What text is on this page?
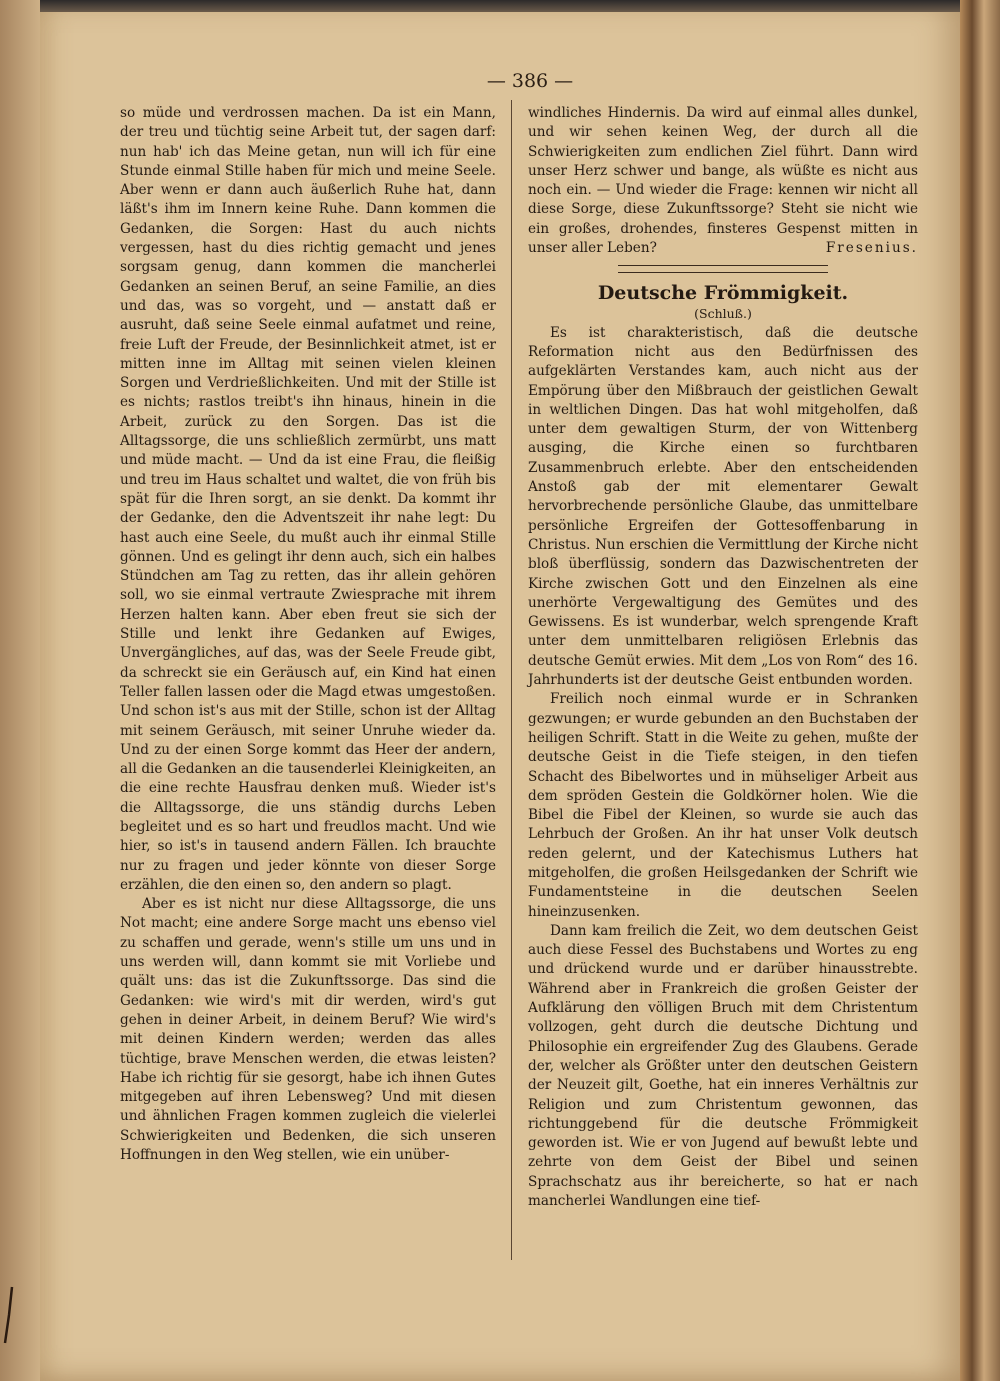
— 386 —

so müde und verdrossen machen. Da ist ein Mann, der treu und tüchtig seine Arbeit tut, der sagen darf: nun hab' ich das Meine getan, nun will ich für eine Stunde einmal Stille haben für mich und meine Seele. Aber wenn er dann auch äußerlich Ruhe hat, dann läßt's ihm im Innern keine Ruhe. Dann kommen die Gedanken, die Sorgen: Hast du auch nichts vergessen, hast du dies richtig gemacht und jenes sorgsam genug, dann kommen die mancherlei Gedanken an seinen Beruf, an seine Familie, an dies und das, was so vorgeht, und — anstatt daß er ausruht, daß seine Seele einmal aufatmet und reine, freie Luft der Freude, der Besinnlichkeit atmet, ist er mitten inne im Alltag mit seinen vielen kleinen Sorgen und Verdrießlichkeiten. Und mit der Stille ist es nichts; rastlos treibt's ihn hinaus, hinein in die Arbeit, zurück zu den Sorgen. Das ist die Alltagssorge, die uns schließlich zermürbt, uns matt und müde macht. — Und da ist eine Frau, die fleißig und treu im Haus schaltet und waltet, die von früh bis spät für die Ihren sorgt, an sie denkt. Da kommt ihr der Gedanke, den die Adventszeit ihr nahe legt: Du hast auch eine Seele, du mußt auch ihr einmal Stille gönnen. Und es gelingt ihr denn auch, sich ein halbes Stündchen am Tag zu retten, das ihr allein gehören soll, wo sie einmal vertraute Zwiesprache mit ihrem Herzen halten kann. Aber eben freut sie sich der Stille und lenkt ihre Gedanken auf Ewiges, Unvergängliches, auf das, was der Seele Freude gibt, da schreckt sie ein Geräusch auf, ein Kind hat einen Teller fallen lassen oder die Magd etwas umgestoßen. Und schon ist's aus mit der Stille, schon ist der Alltag mit seinem Geräusch, mit seiner Unruhe wieder da. Und zu der einen Sorge kommt das Heer der andern, all die Gedanken an die tausenderlei Kleinigkeiten, an die eine rechte Hausfrau denken muß. Wieder ist's die Alltagssorge, die uns ständig durchs Leben begleitet und es so hart und freudlos macht. Und wie hier, so ist's in tausend andern Fällen. Ich brauchte nur zu fragen und jeder könnte von dieser Sorge erzählen, die den einen so, den andern so plagt.

Aber es ist nicht nur diese Alltagssorge, die uns Not macht; eine andere Sorge macht uns ebenso viel zu schaffen und gerade, wenn's stille um uns und in uns werden will, dann kommt sie mit Vorliebe und quält uns: das ist die Zukunftssorge. Das sind die Gedanken: wie wird's mit dir werden, wird's gut gehen in deiner Arbeit, in deinem Beruf? Wie wird's mit deinen Kindern werden; werden das alles tüchtige, brave Menschen werden, die etwas leisten? Habe ich richtig für sie gesorgt, habe ich ihnen Gutes mitgegeben auf ihren Lebensweg? Und mit diesen und ähnlichen Fragen kommen zugleich die vielerlei Schwierigkeiten und Bedenken, die sich unseren Hoffnungen in den Weg stellen, wie ein unüber-

windliches Hindernis. Da wird auf einmal alles dunkel, und wir sehen keinen Weg, der durch all die Schwierigkeiten zum endlichen Ziel führt. Dann wird unser Herz schwer und bange, als wüßte es nicht aus noch ein. — Und wieder die Frage: kennen wir nicht all diese Sorge, diese Zukunftssorge? Steht sie nicht wie ein großes, drohendes, finsteres Gespenst mitten in unser aller Leben?	Fresenius.

Deutsche Frömmigkeit.
(Schluß.)

Es ist charakteristisch, daß die deutsche Reformation nicht aus den Bedürfnissen des aufgeklärten Verstandes kam, auch nicht aus der Empörung über den Mißbrauch der geistlichen Gewalt in weltlichen Dingen. Das hat wohl mitgeholfen, daß unter dem gewaltigen Sturm, der von Wittenberg ausging, die Kirche einen so furchtbaren Zusammenbruch erlebte. Aber den entscheidenden Anstoß gab der mit elementarer Gewalt hervorbrechende persönliche Glaube, das unmittelbare persönliche Ergreifen der Gottesoffenbarung in Christus. Nun erschien die Vermittlung der Kirche nicht bloß überflüssig, sondern das Dazwischentreten der Kirche zwischen Gott und den Einzelnen als eine unerhörte Vergewaltigung des Gemütes und des Gewissens. Es ist wunderbar, welch sprengende Kraft unter dem unmittelbaren religiösen Erlebnis das deutsche Gemüt erwies. Mit dem „Los von Rom“ des 16. Jahrhunderts ist der deutsche Geist entbunden worden.

Freilich noch einmal wurde er in Schranken gezwungen; er wurde gebunden an den Buchstaben der heiligen Schrift. Statt in die Weite zu gehen, mußte der deutsche Geist in die Tiefe steigen, in den tiefen Schacht des Bibelwortes und in mühseliger Arbeit aus dem spröden Gestein die Goldkörner holen. Wie die Bibel die Fibel der Kleinen, so wurde sie auch das Lehrbuch der Großen. An ihr hat unser Volk deutsch reden gelernt, und der Katechismus Luthers hat mitgeholfen, die großen Heilsgedanken der Schrift wie Fundamentsteine in die deutschen Seelen hineinzusenken.

Dann kam freilich die Zeit, wo dem deutschen Geist auch diese Fessel des Buchstabens und Wortes zu eng und drückend wurde und er darüber hinausstrebte. Während aber in Frankreich die großen Geister der Aufklärung den völligen Bruch mit dem Christentum vollzogen, geht durch die deutsche Dichtung und Philosophie ein ergreifender Zug des Glaubens. Gerade der, welcher als Größter unter den deutschen Geistern der Neuzeit gilt, Goethe, hat ein inneres Verhältnis zur Religion und zum Christentum gewonnen, das richtunggebend für die deutsche Frömmigkeit geworden ist. Wie er von Jugend auf bewußt lebte und zehrte von dem Geist der Bibel und seinen Sprachschatz aus ihr bereicherte, so hat er nach mancherlei Wandlungen eine tief-
